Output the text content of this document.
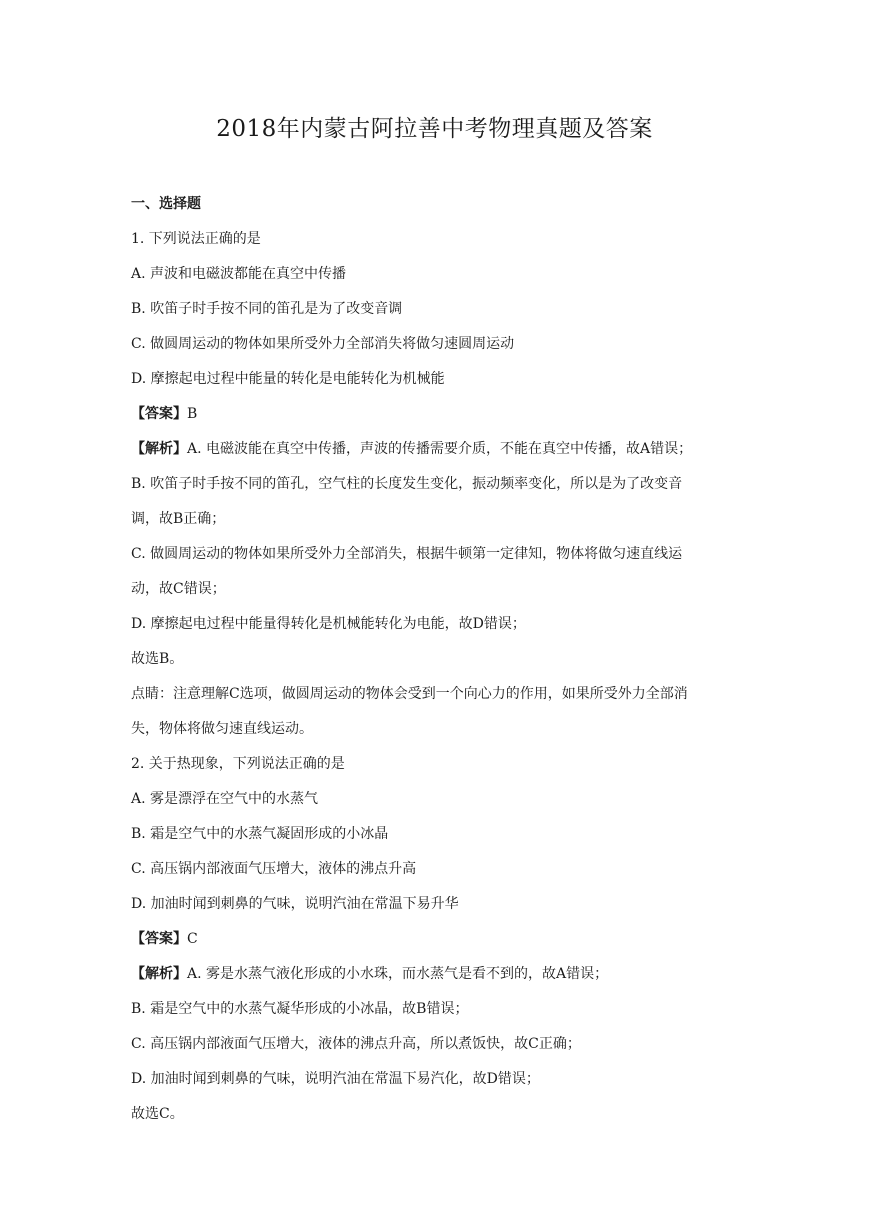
2018年内蒙古阿拉善中考物理真题及答案
一、选择题
1. 下列说法正确的是
A. 声波和电磁波都能在真空中传播
B. 吹笛子时手按不同的笛孔是为了改变音调
C. 做圆周运动的物体如果所受外力全部消失将做匀速圆周运动
D. 摩擦起电过程中能量的转化是电能转化为机械能
【答案】B
【解析】A. 电磁波能在真空中传播，声波的传播需要介质，不能在真空中传播，故A错误；
B. 吹笛子时手按不同的笛孔，空气柱的长度发生变化，振动频率变化，所以是为了改变音
调，故B正确；
C. 做圆周运动的物体如果所受外力全部消失，根据牛顿第一定律知，物体将做匀速直线运
动，故C错误；
D. 摩擦起电过程中能量得转化是机械能转化为电能，故D错误；
故选B。
点睛：注意理解C选项，做圆周运动的物体会受到一个向心力的作用，如果所受外力全部消
失，物体将做匀速直线运动。
2. 关于热现象，下列说法正确的是
A. 雾是漂浮在空气中的水蒸气
B. 霜是空气中的水蒸气凝固形成的小冰晶
C. 高压锅内部液面气压增大，液体的沸点升高
D. 加油时闻到刺鼻的气味，说明汽油在常温下易升华
【答案】C
【解析】A. 雾是水蒸气液化形成的小水珠，而水蒸气是看不到的，故A错误；
B. 霜是空气中的水蒸气凝华形成的小冰晶，故B错误；
C. 高压锅内部液面气压增大，液体的沸点升高，所以煮饭快，故C正确；
D. 加油时闻到刺鼻的气味，说明汽油在常温下易汽化，故D错误；
故选C。
